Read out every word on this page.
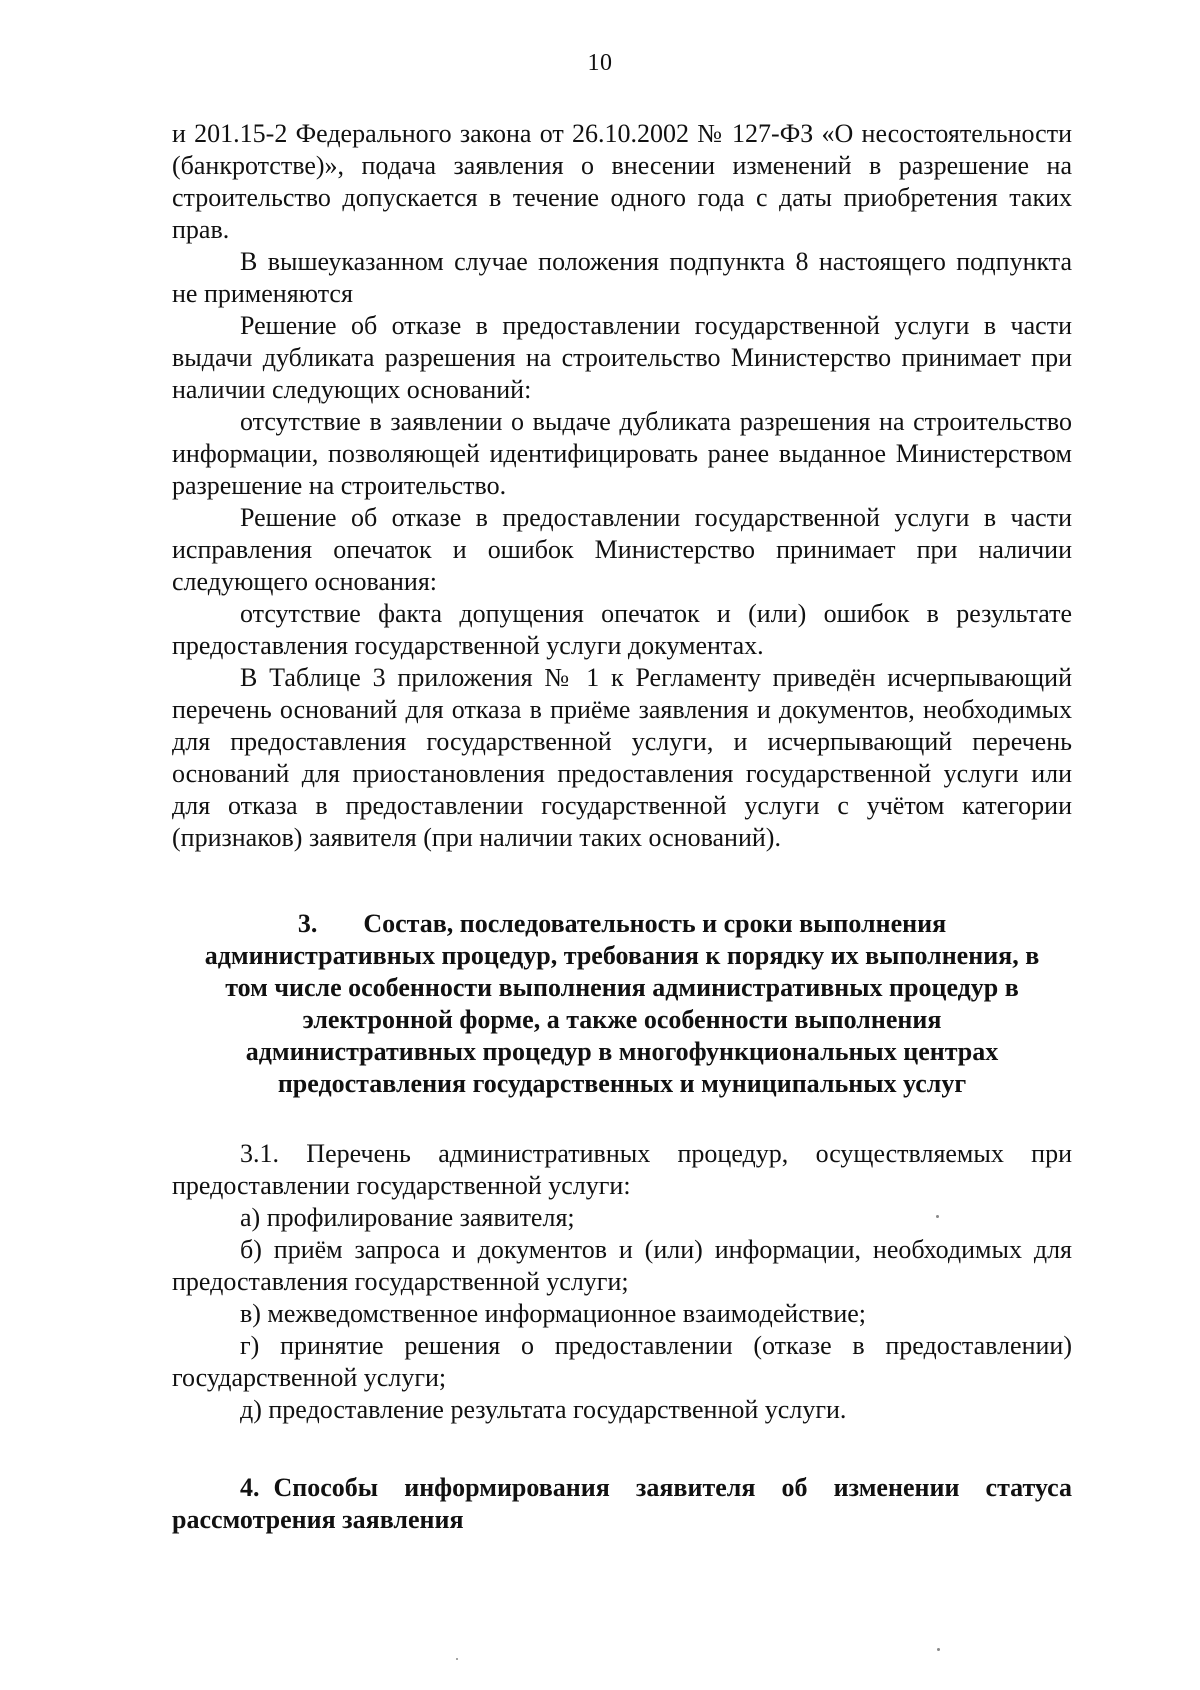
10

и 201.15-2 Федерального закона от 26.10.2002 № 127-ФЗ «О несостоятельности (банкротстве)», подача заявления о внесении изменений в разрешение на строительство допускается в течение одного года с даты приобретения таких прав.

В вышеуказанном случае положения подпункта 8 настоящего подпункта не применяются

Решение об отказе в предоставлении государственной услуги в части выдачи дубликата разрешения на строительство Министерство принимает при наличии следующих оснований:

отсутствие в заявлении о выдаче дубликата разрешения на строительство информации, позволяющей идентифицировать ранее выданное Министерством разрешение на строительство.

Решение об отказе в предоставлении государственной услуги в части исправления опечаток и ошибок Министерство принимает при наличии следующего основания:

отсутствие факта допущения опечаток и (или) ошибок в результате предоставления государственной услуги документах.

В Таблице 3 приложения № 1 к Регламенту приведён исчерпывающий перечень оснований для отказа в приёме заявления и документов, необходимых для предоставления государственной услуги, и исчерпывающий перечень оснований для приостановления предоставления государственной услуги или для отказа в предоставлении государственной услуги с учётом категории (признаков) заявителя (при наличии таких оснований).

3. Состав, последовательность и сроки выполнения административных процедур, требования к порядку их выполнения, в том числе особенности выполнения административных процедур в электронной форме, а также особенности выполнения административных процедур в многофункциональных центрах предоставления государственных и муниципальных услуг

3.1. Перечень административных процедур, осуществляемых при предоставлении государственной услуги:

а) профилирование заявителя;

б) приём запроса и документов и (или) информации, необходимых для предоставления государственной услуги;

в) межведомственное информационное взаимодействие;

г) принятие решения о предоставлении (отказе в предоставлении) государственной услуги;

д) предоставление результата государственной услуги.

4. Способы информирования заявителя об изменении статуса рассмотрения заявления
